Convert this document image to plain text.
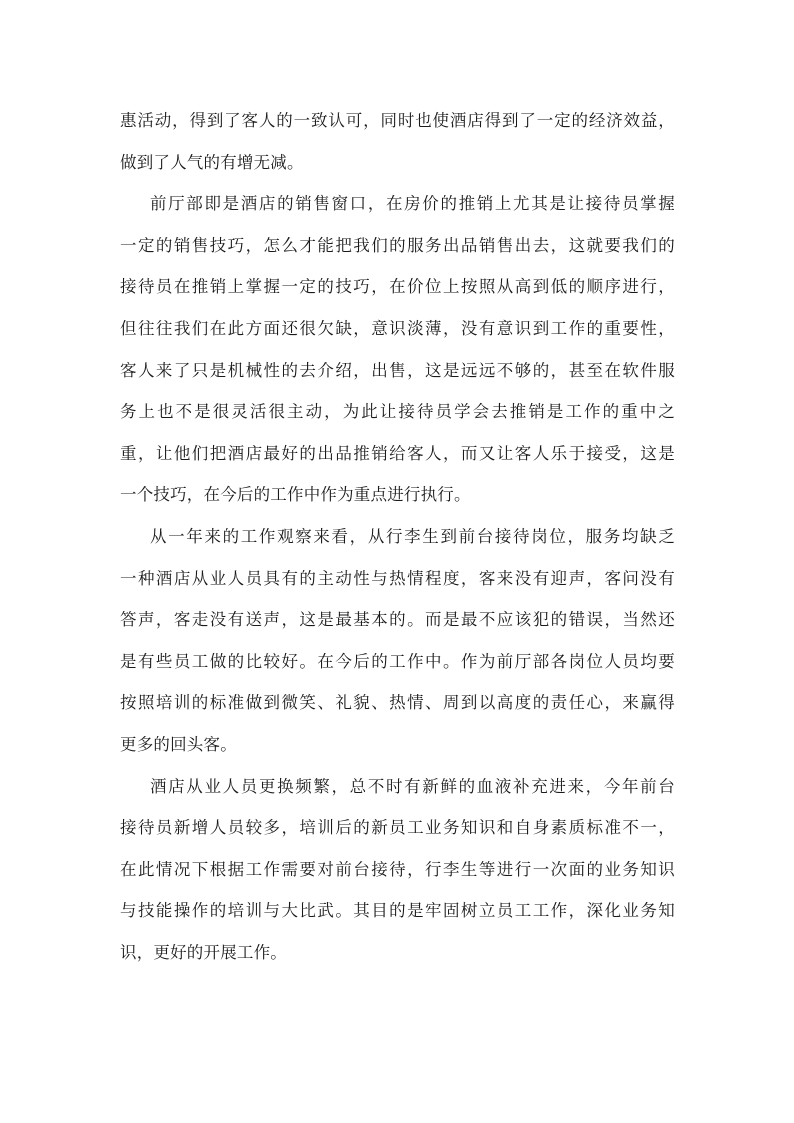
惠活动，得到了客人的一致认可，同时也使酒店得到了一定的经济效益，
做到了人气的有增无减。
前厅部即是酒店的销售窗口，在房价的推销上尤其是让接待员掌握
一定的销售技巧，怎么才能把我们的服务出品销售出去，这就要我们的
接待员在推销上掌握一定的技巧，在价位上按照从高到低的顺序进行，
但往往我们在此方面还很欠缺，意识淡薄，没有意识到工作的重要性，
客人来了只是机械性的去介绍，出售，这是远远不够的，甚至在软件服
务上也不是很灵活很主动，为此让接待员学会去推销是工作的重中之
重，让他们把酒店最好的出品推销给客人，而又让客人乐于接受，这是
一个技巧，在今后的工作中作为重点进行执行。
从一年来的工作观察来看，从行李生到前台接待岗位，服务均缺乏
一种酒店从业人员具有的主动性与热情程度，客来没有迎声，客问没有
答声，客走没有送声，这是最基本的。而是最不应该犯的错误，当然还
是有些员工做的比较好。在今后的工作中。作为前厅部各岗位人员均要
按照培训的标准做到微笑、礼貌、热情、周到以高度的责任心，来赢得
更多的回头客。
酒店从业人员更换频繁，总不时有新鲜的血液补充进来，今年前台
接待员新增人员较多，培训后的新员工业务知识和自身素质标准不一，
在此情况下根据工作需要对前台接待，行李生等进行一次面的业务知识
与技能操作的培训与大比武。其目的是牢固树立员工工作，深化业务知
识，更好的开展工作。
